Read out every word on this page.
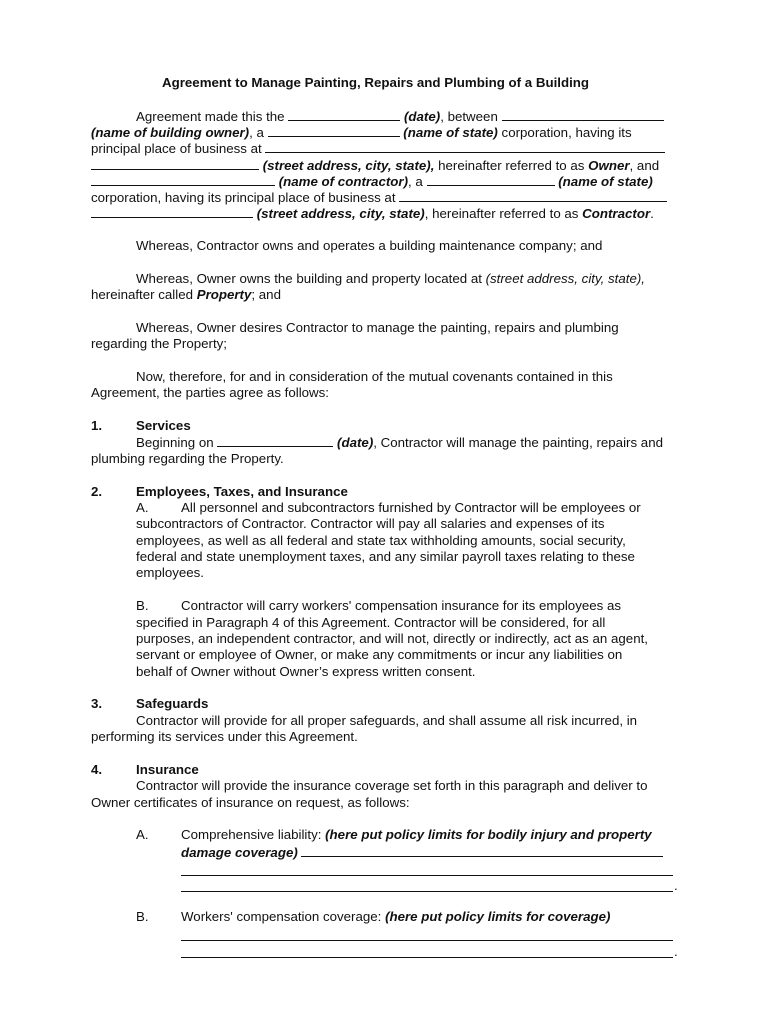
Agreement to Manage Painting, Repairs and Plumbing of a Building
Agreement made this the	(date), between
(name of building owner), a	(name of state) corporation, having its
principal place of business at
(street address, city, state), hereinafter referred to as Owner, and
(name of contractor), a	(name of state)
corporation, having its principal place of business at
(street address, city, state), hereinafter referred to as Contractor.
Whereas, Contractor owns and operates a building maintenance company; and
Whereas, Owner owns the building and property located at (street address, city, state),
hereinafter called Property; and
Whereas, Owner desires Contractor to manage the painting, repairs and plumbing
regarding the Property;
Now, therefore, for and in consideration of the mutual covenants contained in this
Agreement, the parties agree as follows:
1.	Services
Beginning on	(date), Contractor will manage the painting, repairs and
plumbing regarding the Property.
2.	Employees, Taxes, and Insurance
A. All personnel and subcontractors furnished by Contractor will be employees or
subcontractors of Contractor. Contractor will pay all salaries and expenses of its
employees, as well as all federal and state tax withholding amounts, social security,
federal and state unemployment taxes, and any similar payroll taxes relating to these
employees.
B. Contractor will carry workers' compensation insurance for its employees as
specified in Paragraph 4 of this Agreement. Contractor will be considered, for all
purposes, an independent contractor, and will not, directly or indirectly, act as an agent,
servant or employee of Owner, or make any commitments or incur any liabilities on
behalf of Owner without Owner’s express written consent.
3.	Safeguards
Contractor will provide for all proper safeguards, and shall assume all risk incurred, in
performing its services under this Agreement.
4.	Insurance
Contractor will provide the insurance coverage set forth in this paragraph and deliver to
Owner certificates of insurance on request, as follows:
A. Comprehensive liability: (here put policy limits for bodily injury and property
damage coverage)
.
B. Workers' compensation coverage: (here put policy limits for coverage)
.
